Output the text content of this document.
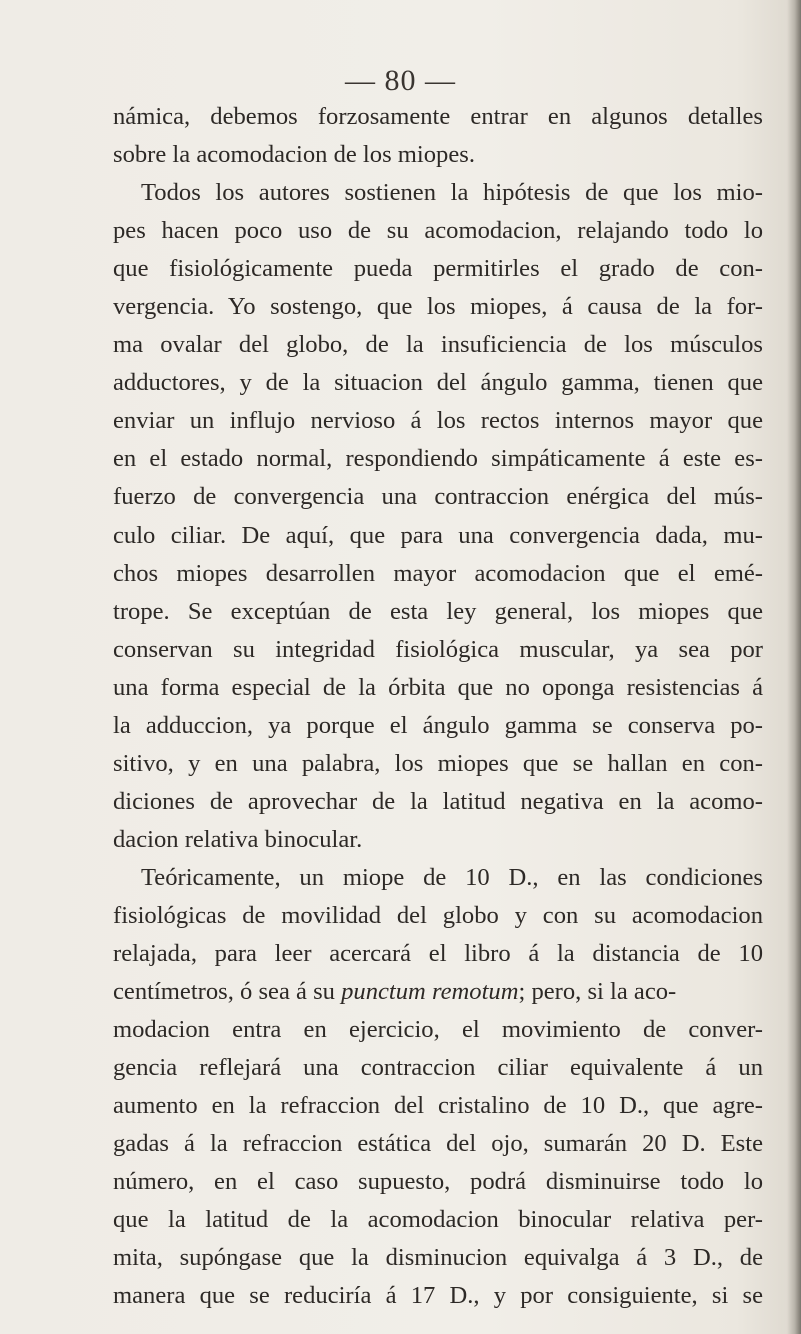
— 80 —
námica, debemos forzosamente entrar en algunos detalles
sobre la acomodacion de los miopes.
Todos los autores sostienen la hipótesis de que los mio-
pes hacen poco uso de su acomodacion, relajando todo lo
que fisiológicamente pueda permitirles el grado de con-
vergencia. Yo sostengo, que los miopes, á causa de la for-
ma ovalar del globo, de la insuficiencia de los músculos
adductores, y de la situacion del ángulo gamma, tienen que
enviar un influjo nervioso á los rectos internos mayor que
en el estado normal, respondiendo simpáticamente á este es-
fuerzo de convergencia una contraccion enérgica del mús-
culo ciliar. De aquí, que para una convergencia dada, mu-
chos miopes desarrollen mayor acomodacion que el emé-
trope. Se exceptúan de esta ley general, los miopes que
conservan su integridad fisiológica muscular, ya sea por
una forma especial de la órbita que no oponga resistencias á
la adduccion, ya porque el ángulo gamma se conserva po-
sitivo, y en una palabra, los miopes que se hallan en con-
diciones de aprovechar de la latitud negativa en la acomo-
dacion relativa binocular.
Teóricamente, un miope de 10 D., en las condiciones
fisiológicas de movilidad del globo y con su acomodacion
relajada, para leer acercará el libro á la distancia de 10
centímetros, ó sea á su punctum remotum; pero, si la aco-
modacion entra en ejercicio, el movimiento de conver-
gencia reflejará una contraccion ciliar equivalente á un
aumento en la refraccion del cristalino de 10 D., que agre-
gadas á la refraccion estática del ojo, sumarán 20 D. Este
número, en el caso supuesto, podrá disminuirse todo lo
que la latitud de la acomodacion binocular relativa per-
mita, supóngase que la disminucion equivalga á 3 D., de
manera que se reduciría á 17 D., y por consiguiente, si se
